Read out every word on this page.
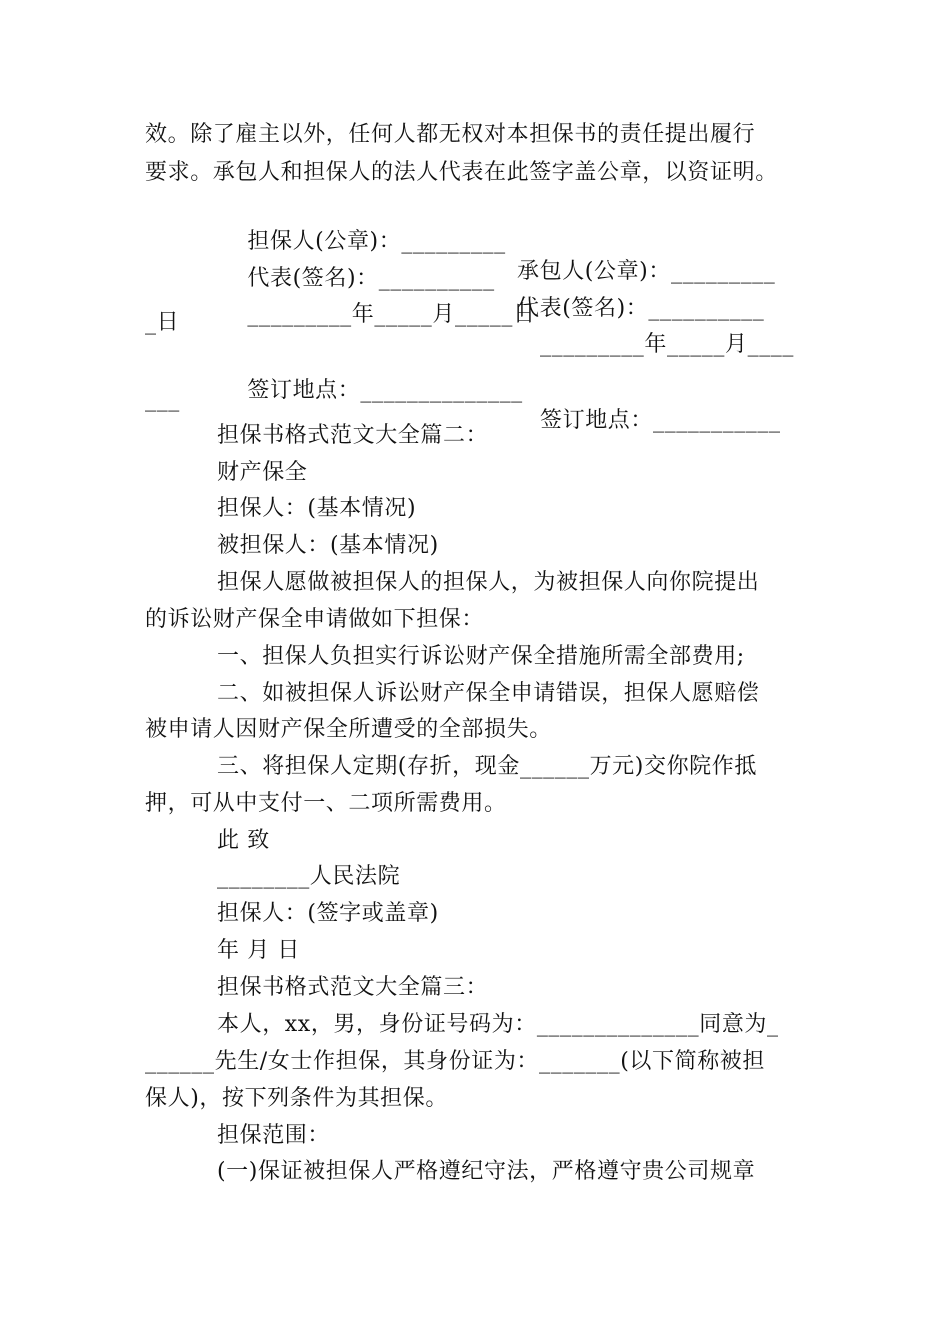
效。除了雇主以外，任何人都无权对本担保书的责任提出履行
要求。承包人和担保人的法人代表在此签字盖公章，以资证明。

担保人(公章)：_________

承包人(公章)：_________

代表(签名)：__________

代表(签名)：__________

_________年_____月_____日

_________年_____月____

_日

签订地点：______________

签订地点：___________

___
担保书格式范文大全篇二：
财产保全
担保人：(基本情况)
被担保人：(基本情况)
担保人愿做被担保人的担保人，为被担保人向你院提出
的诉讼财产保全申请做如下担保：
一、担保人负担实行诉讼财产保全措施所需全部费用;
二、如被担保人诉讼财产保全申请错误，担保人愿赔偿
被申请人因财产保全所遭受的全部损失。
三、将担保人定期(存折，现金______万元)交你院作抵
押，可从中支付一、二项所需费用。
此 致
________人民法院
担保人：(签字或盖章)
年 月 日
担保书格式范文大全篇三：
本人，xx，男，身份证号码为：______________同意为_
______先生/女士作担保，其身份证为：_______(以下简称被担
保人)，按下列条件为其担保。
担保范围：
(一)保证被担保人严格遵纪守法，严格遵守贵公司规章
